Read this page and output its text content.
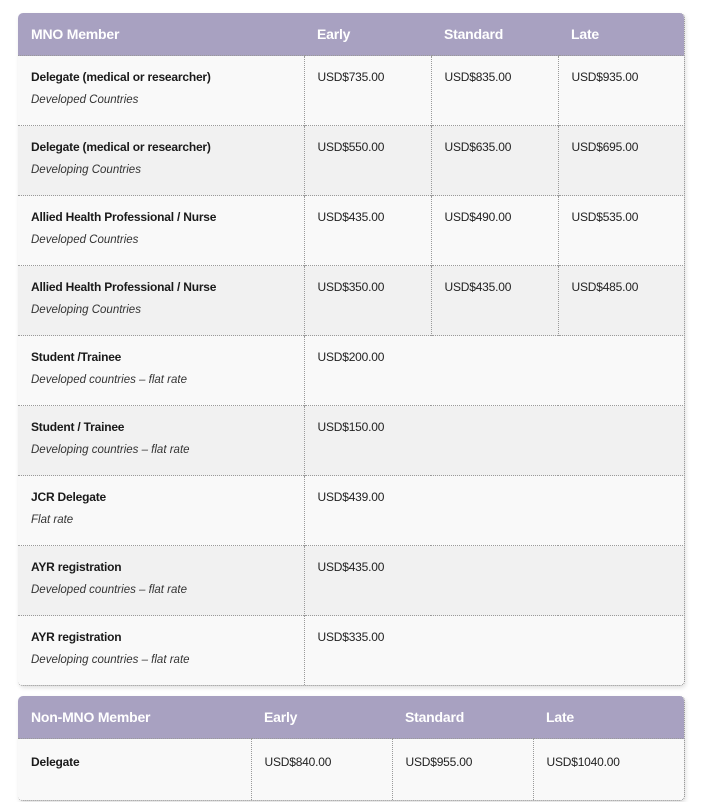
MNO Member	Early	Standard	Late

Delegate (medical or researcher)
Developed Countries	USD$735.00	USD$835.00	USD$935.00

Delegate (medical or researcher)
Developing Countries	USD$550.00	USD$635.00	USD$695.00

Allied Health Professional / Nurse
Developed Countries	USD$435.00	USD$490.00	USD$535.00

Allied Health Professional / Nurse
Developing Countries	USD$350.00	USD$435.00	USD$485.00

Student /Trainee
Developed countries – flat rate	USD$200.00		

Student / Trainee
Developing countries – flat rate	USD$150.00		

JCR Delegate
Flat rate	USD$439.00		

AYR registration
Developed countries – flat rate	USD$435.00		

AYR registration
Developing countries – flat rate	USD$335.00		
Non-MNO Member	Early	Standard	Late

Delegate	USD$840.00	USD$955.00	USD$1040.00
